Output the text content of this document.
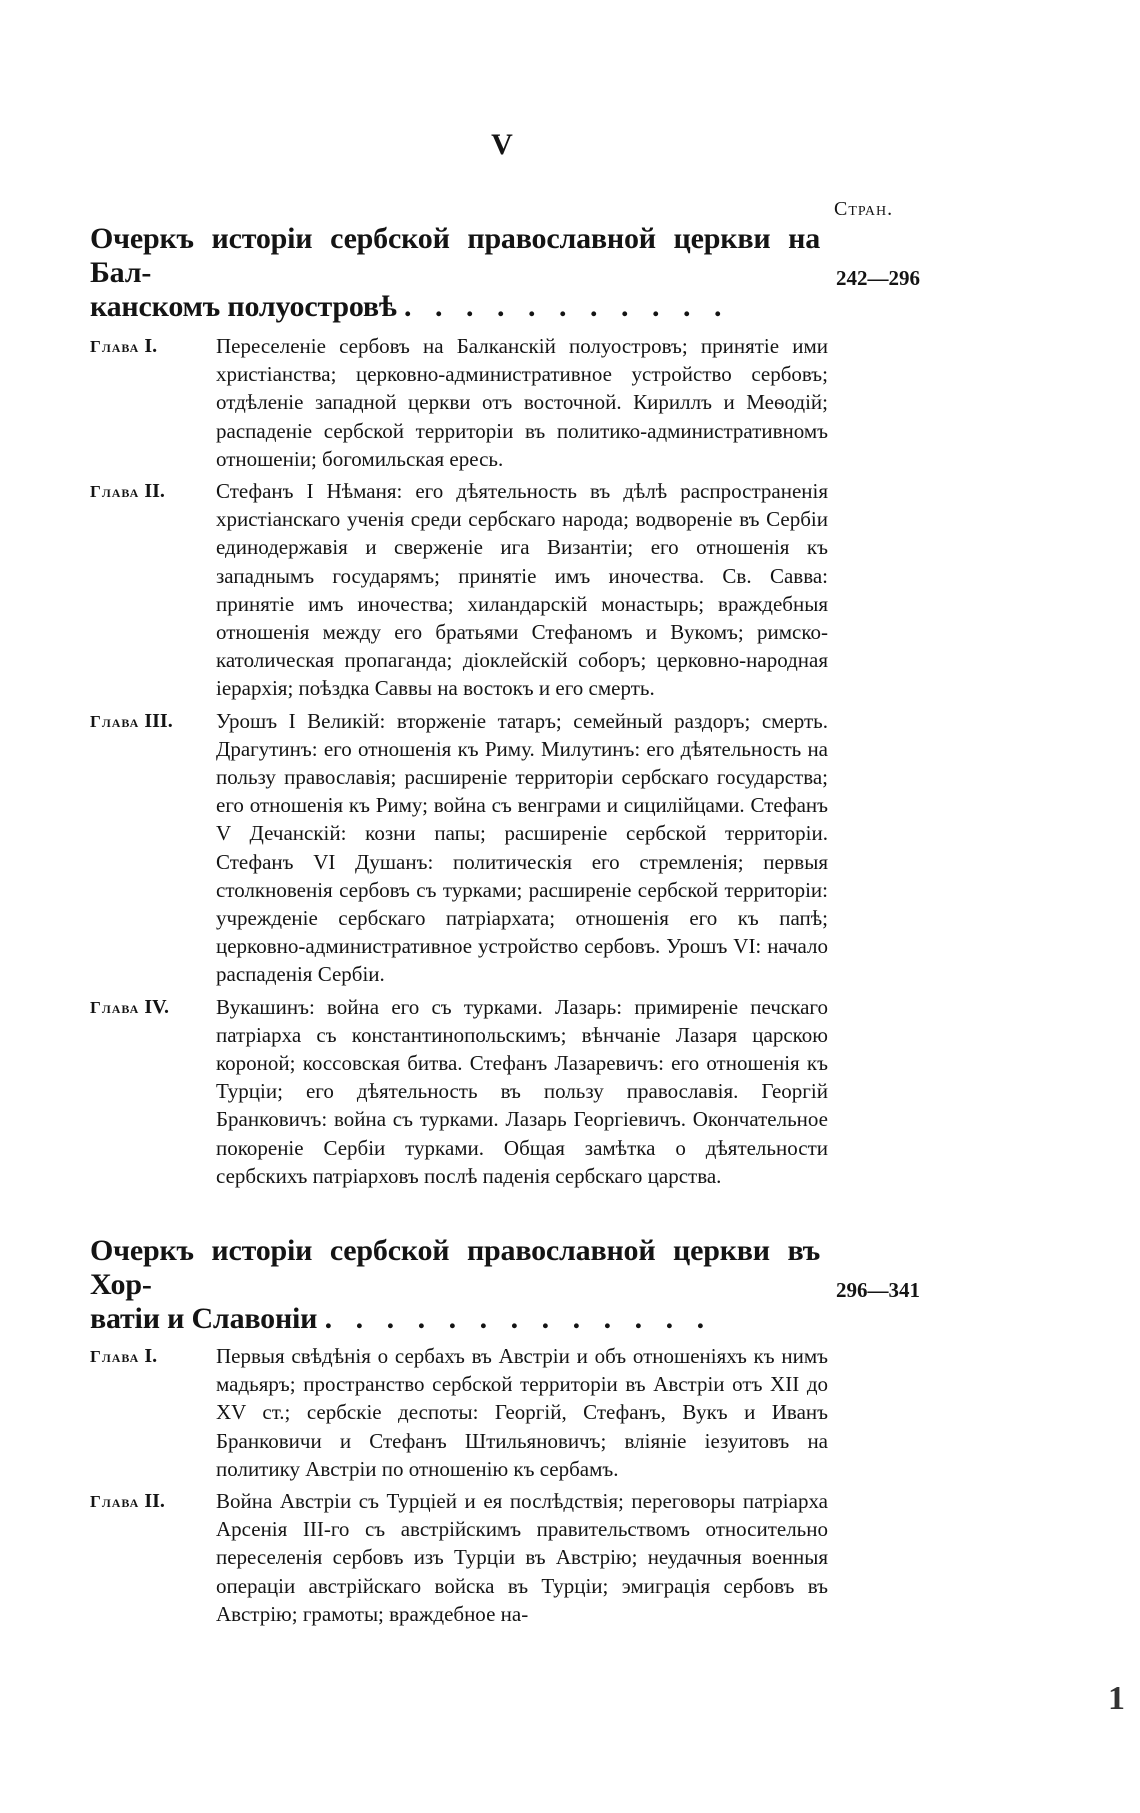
V
Стран.
Очеркъ исторіи сербской православной церкви на Бал-

канскомъ полуостровѣ . . . . . . . . . . .
242—296
Глава I.	Переселеніе сербовъ на Балканскій полуостровъ; принятіе ими христіанства; церковно-административное устройство сербовъ; отдѣленіе западной церкви отъ восточной. Кириллъ и Меѳодій; распаденіе сербской территоріи въ политико-административномъ отношеніи; богомильская ересь.
Глава II.	Стефанъ I Нѣманя: его дѣятельность въ дѣлѣ распространенія христіанскаго ученія среди сербскаго народа; водвореніе въ Сербіи единодержавія и сверженіе ига Византіи; его отношенія къ западнымъ государямъ; принятіе имъ иночества. Св. Савва: принятіе имъ иночества; хиландарскій монастырь; враждебныя отношенія между его братьями Стефаномъ и Вукомъ; римско-католическая пропаганда; діоклейскій соборъ; церковно-народная іерархія; поѣздка Саввы на востокъ и его смерть.
Глава III.	Урошъ I Великій: вторженіе татаръ; семейный раздоръ; смерть. Драгутинъ: его отношенія къ Риму. Милутинъ: его дѣятельность на пользу православія; расширеніе территоріи сербскаго государства; его отношенія къ Риму; война съ венграми и сицилійцами. Стефанъ V Дечанскій: козни папы; расширеніе сербской территоріи. Стефанъ VI Душанъ: политическія его стремленія; первыя столкновенія сербовъ съ турками; расширеніе сербской территоріи: учрежденіе сербскаго патріархата; отношенія его къ папѣ; церковно-административное устройство сербовъ. Урошъ VI: начало распаденія Сербіи.
Глава IV.	Вукашинъ: война его съ турками. Лазарь: примиреніе печскаго патріарха съ константинопольскимъ; вѣнчаніе Лазаря царскою короной; коссовская битва. Стефанъ Лазаревичъ: его отношенія къ Турціи; его дѣятельность въ пользу православія. Георгій Бранковичъ: война съ турками. Лазарь Георгіевичъ. Окончательное покореніе Сербіи турками. Общая замѣтка о дѣятельности сербскихъ патріарховъ послѣ паденія сербскаго царства.
Очеркъ исторіи сербской православной церкви въ Хор-

ватіи и Славоніи . . . . . . . . . . . . .
296—341
Глава I.	Первыя свѣдѣнія о сербахъ въ Австріи и объ отношеніяхъ къ нимъ мадьяръ; пространство сербской территоріи въ Австріи отъ XII до XV ст.; сербскіе деспоты: Георгій, Стефанъ, Вукъ и Иванъ Бранковичи и Стефанъ Штильяновичъ; вліяніе іезуитовъ на политику Австріи по отношенію къ сербамъ.
Глава II.	Война Австріи съ Турціей и ея послѣдствія; переговоры патріарха Арсенія III-го съ австрійскимъ правительствомъ относительно переселенія сербовъ изъ Турціи въ Австрію; неудачныя военныя операціи австрійскаго войска въ Турціи; эмиграція сербовъ въ Австрію; грамоты; враждебное на-
1
